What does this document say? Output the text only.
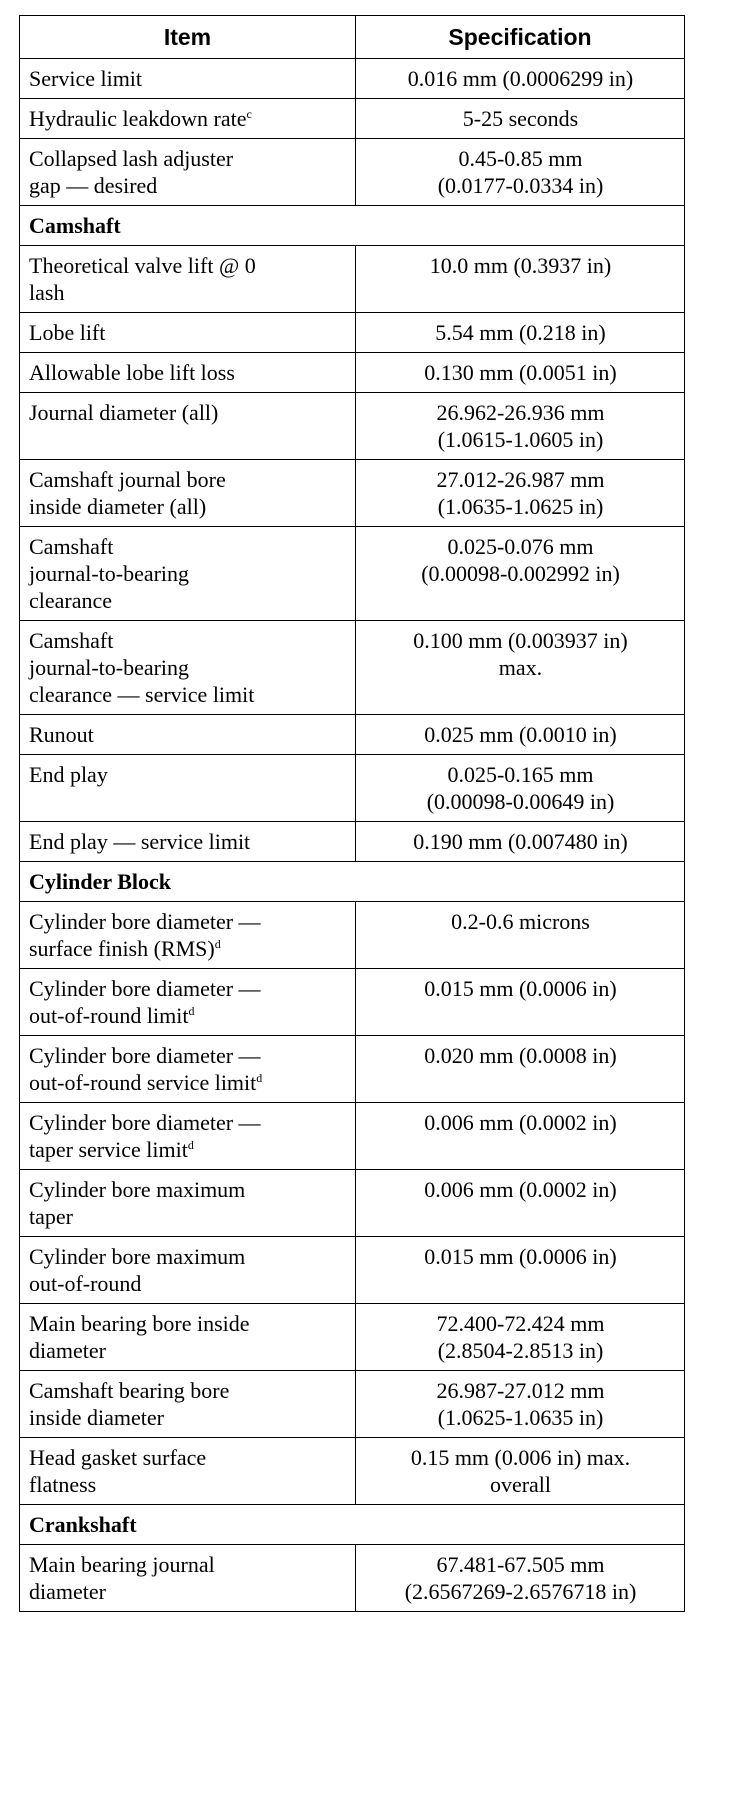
Item	Specification

Service limit	0.016 mm (0.0006299 in)

Hydraulic leakdown rate$^c$	5-25 seconds

Collapsed lash adjuster
gap — desired	0.45-0.85 mm
(0.0177-0.0334 in)

Camshaft	

Theoretical valve lift @ 0
lash	10.0 mm (0.3937 in)

Lobe lift	5.54 mm (0.218 in)

Allowable lobe lift loss	0.130 mm (0.0051 in)

Journal diameter (all)	26.962-26.936 mm
(1.0615-1.0605 in)

Camshaft journal bore
inside diameter (all)	27.012-26.987 mm
(1.0635-1.0625 in)

Camshaft
journal-to-bearing
clearance	0.025-0.076 mm
(0.00098-0.002992 in)

Camshaft
journal-to-bearing
clearance — service limit	0.100 mm (0.003937 in)
max.

Runout	0.025 mm (0.0010 in)

End play	0.025-0.165 mm
(0.00098-0.00649 in)

End play — service limit	0.190 mm (0.007480 in)

Cylinder Block	

Cylinder bore diameter —
surface finish (RMS)$^d$	0.2-0.6 microns

Cylinder bore diameter —
out-of-round limit$^d$	0.015 mm (0.0006 in)

Cylinder bore diameter —
out-of-round service limit$^d$	0.020 mm (0.0008 in)

Cylinder bore diameter —
taper service limit$^d$	0.006 mm (0.0002 in)

Cylinder bore maximum
taper	0.006 mm (0.0002 in)

Cylinder bore maximum
out-of-round	0.015 mm (0.0006 in)

Main bearing bore inside
diameter	72.400-72.424 mm
(2.8504-2.8513 in)

Camshaft bearing bore
inside diameter	26.987-27.012 mm
(1.0625-1.0635 in)

Head gasket surface
flatness	0.15 mm (0.006 in) max.
overall

Crankshaft	

Main bearing journal
diameter	67.481-67.505 mm
(2.6567269-2.6576718 in)
